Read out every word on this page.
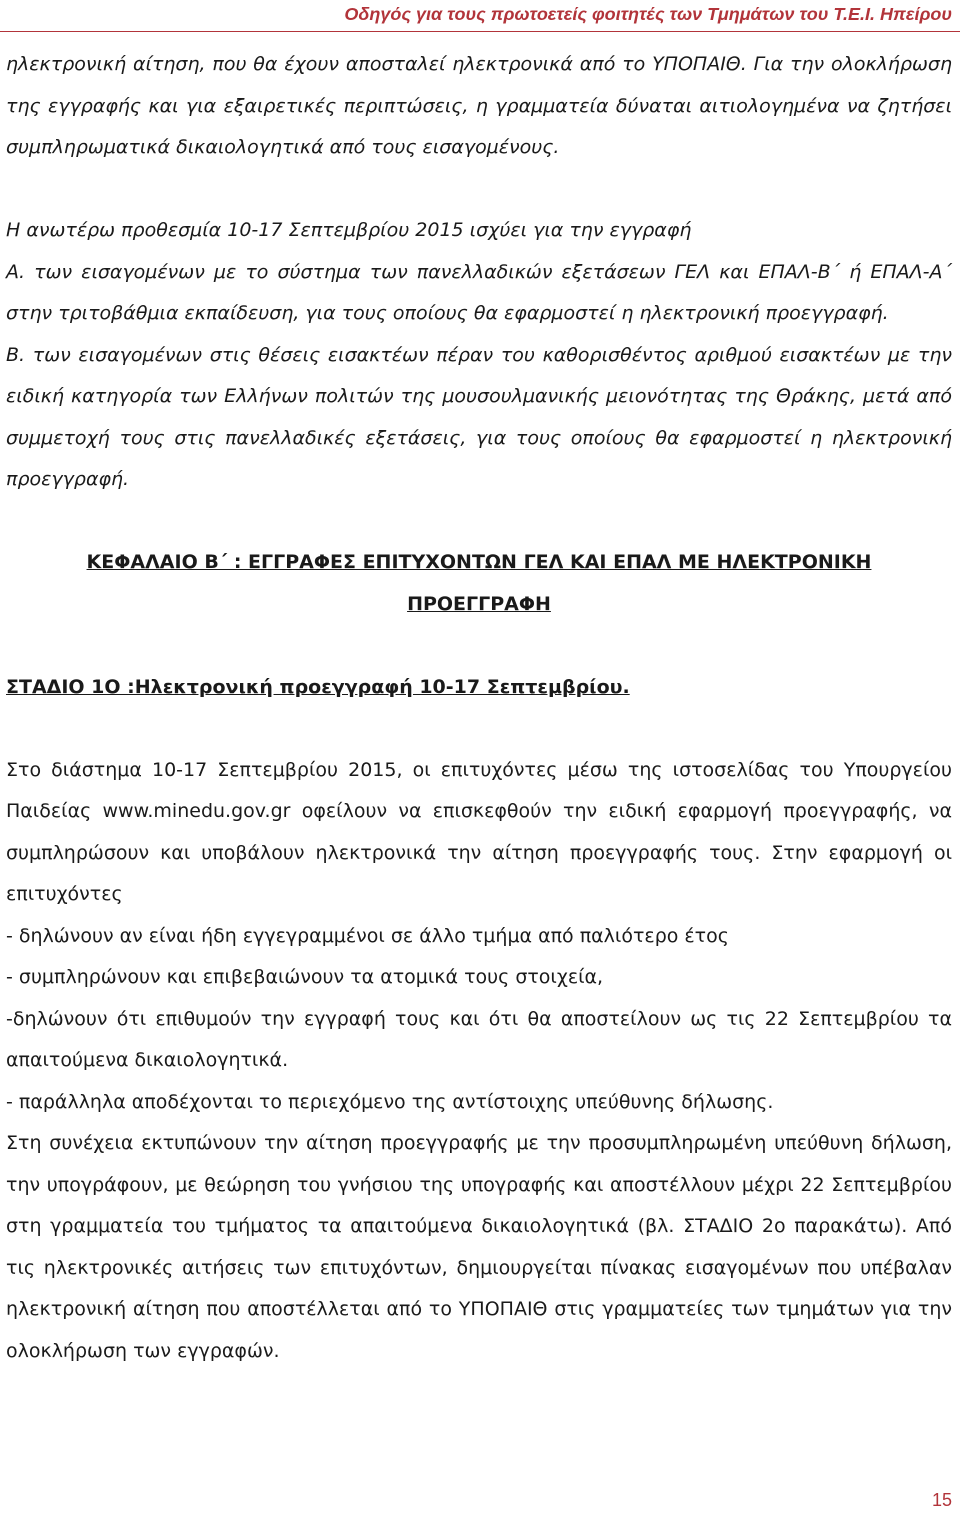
Οδηγός για τους πρωτοετείς φοιτητές των Τμημάτων του Τ.Ε.Ι. Ηπείρου

ηλεκτρονική αίτηση, που θα έχουν αποσταλεί ηλεκτρονικά από το ΥΠΟΠΑΙΘ. Για την ολοκλήρωση της εγγραφής και για εξαιρετικές περιπτώσεις, η γραμματεία δύναται αιτιολογημένα να ζητήσει συμπληρωματικά δικαιολογητικά από τους εισαγομένους.

Η ανωτέρω προθεσμία 10-17 Σεπτεμβρίου 2015 ισχύει για την εγγραφή

Α. των εισαγομένων με το σύστημα των πανελλαδικών εξετάσεων ΓΕΛ και ΕΠΑΛ-Β΄ ή ΕΠΑΛ-Α΄ στην τριτοβάθμια εκπαίδευση, για τους οποίους θα εφαρμοστεί η ηλεκτρονική προεγγραφή.

Β. των εισαγομένων στις θέσεις εισακτέων πέραν του καθορισθέντος αριθμού εισακτέων με την ειδική κατηγορία των Ελλήνων πολιτών της μουσουλμανικής μειονότητας της Θράκης, μετά από συμμετοχή τους στις πανελλαδικές εξετάσεις, για τους οποίους θα εφαρμοστεί η ηλεκτρονική προεγγραφή.

ΚΕΦΑΛΑΙΟ Β΄ : ΕΓΓΡΑΦΕΣ ΕΠΙΤΥΧΟΝΤΩΝ ΓΕΛ ΚΑΙ ΕΠΑΛ ΜΕ ΗΛΕΚΤΡΟΝΙΚΗ
ΠΡΟΕΓΓΡΑΦΗ

ΣΤΑΔΙΟ 1Ο :Ηλεκτρονική προεγγραφή 10-17 Σεπτεμβρίου.

Στο διάστημα 10-17 Σεπτεμβρίου 2015, οι επιτυχόντες μέσω της ιστοσελίδας του Υπουργείου Παιδείας www.minedu.gov.gr οφείλουν να επισκεφθούν την ειδική εφαρμογή προεγγραφής, να συμπληρώσουν και υποβάλουν ηλεκτρονικά την αίτηση προεγγραφής τους. Στην εφαρμογή οι επιτυχόντες

- δηλώνουν αν είναι ήδη εγγεγραμμένοι σε άλλο τμήμα από παλιότερο έτος

- συμπληρώνουν και επιβεβαιώνουν τα ατομικά τους στοιχεία,

-δηλώνουν ότι επιθυμούν την εγγραφή τους και ότι θα αποστείλουν ως τις 22 Σεπτεμβρίου τα απαιτούμενα δικαιολογητικά.

- παράλληλα αποδέχονται το περιεχόμενο της αντίστοιχης υπεύθυνης δήλωσης.

Στη συνέχεια εκτυπώνουν την αίτηση προεγγραφής με την προσυμπληρωμένη υπεύθυνη δήλωση, την υπογράφουν, με θεώρηση του γνήσιου της υπογραφής και αποστέλλουν μέχρι 22 Σεπτεμβρίου στη γραμματεία του τμήματος τα απαιτούμενα δικαιολογητικά (βλ. ΣΤΑΔΙΟ 2ο παρακάτω). Από τις ηλεκτρονικές αιτήσεις των επιτυχόντων, δημιουργείται πίνακας εισαγομένων που υπέβαλαν ηλεκτρονική αίτηση που αποστέλλεται από το ΥΠΟΠΑΙΘ στις γραμματείες των τμημάτων για την ολοκλήρωση των εγγραφών.

15
